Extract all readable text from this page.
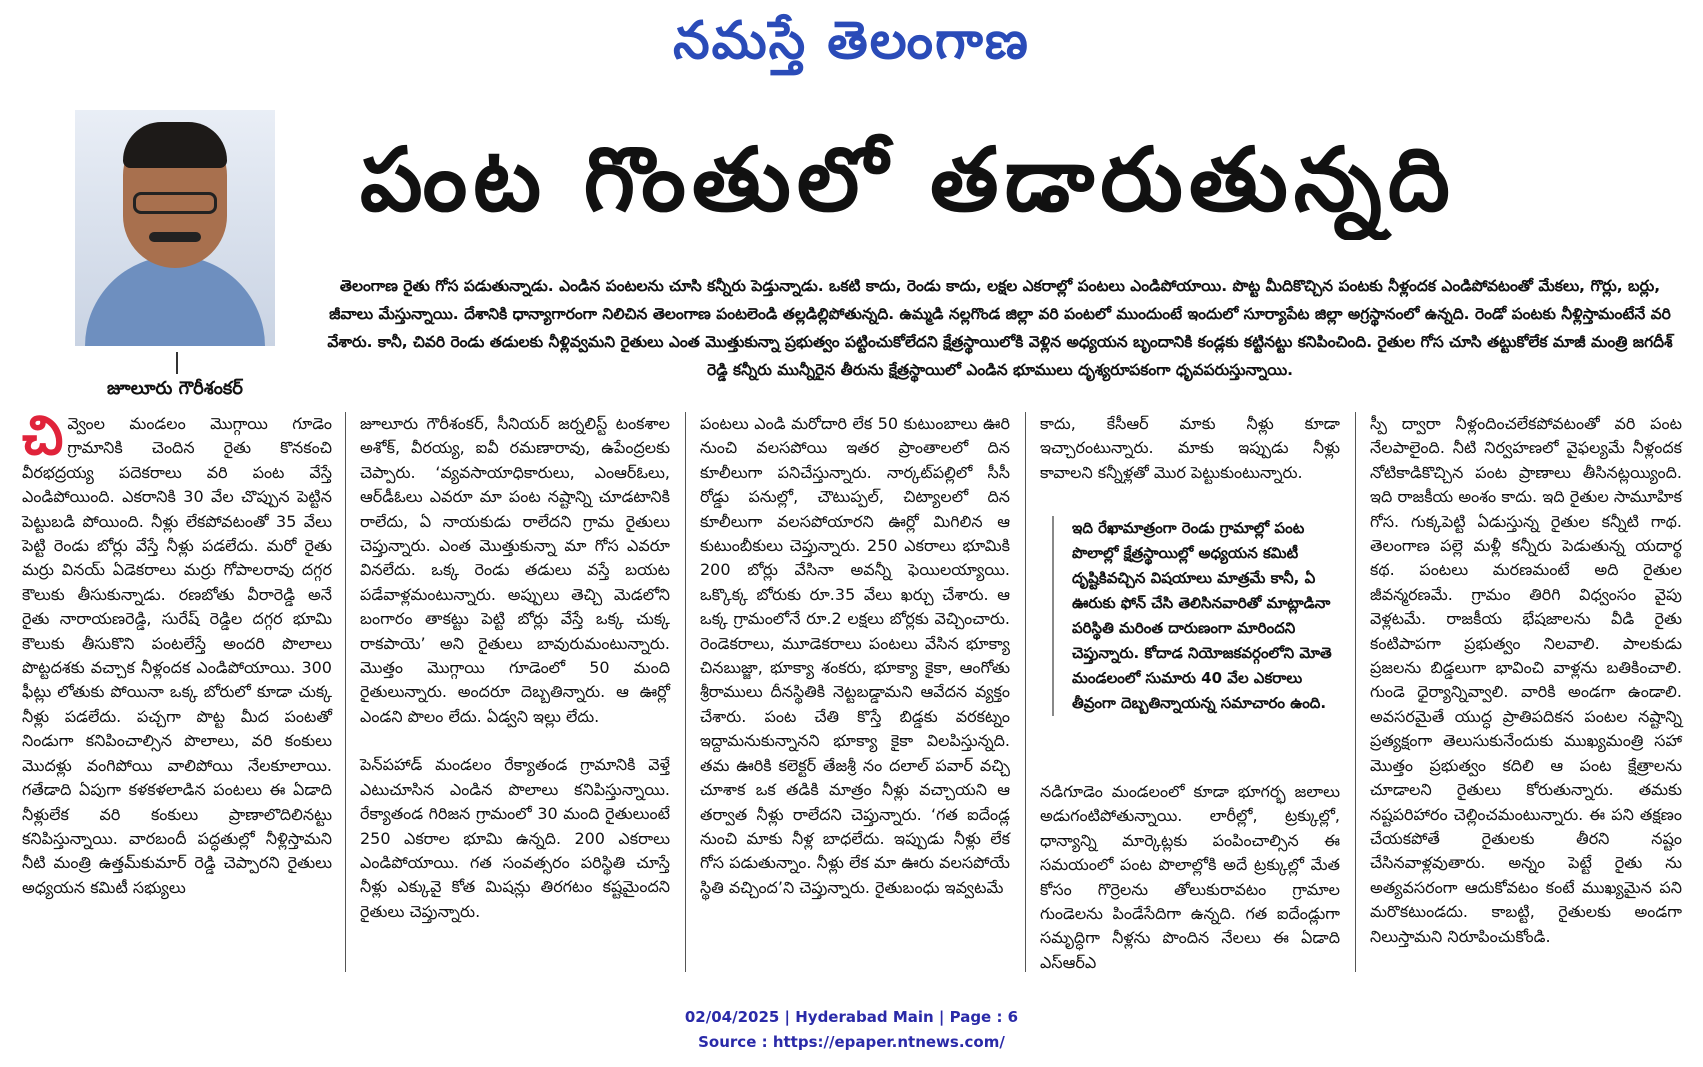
నమస్తే తెలంగాణ
జూలూరు గౌరీశంకర్
పంట గొంతులో తడారుతున్నది
తెలంగాణ రైతు గోస పడుతున్నాడు. ఎండిన పంటలను చూసి కన్నీరు పెడ్తున్నాడు. ఒకటి కాదు, రెండు కాదు, లక్షల ఎకరాల్లో పంటలు ఎండిపోయాయి. పొట్ట మీదికొచ్చిన పంటకు నీళ్లందక ఎండిపోవటంతో మేకలు, గొర్లు, బర్లు, జీవాలు మేస్తున్నాయి. దేశానికి ధాన్యాగారంగా నిలిచిన తెలంగాణ పంటలెండి తల్లడిల్లిపోతున్నది. ఉమ్మడి నల్లగొండ జిల్లా వరి పంటలో ముందుంటే ఇందులో సూర్యాపేట జిల్లా అగ్రస్థానంలో ఉన్నది. రెండో పంటకు నీళ్లిస్తామంటేనే వరి వేశారు. కానీ, చివరి రెండు తడులకు నీళ్లివ్వమని రైతులు ఎంత మొత్తుకున్నా ప్రభుత్వం పట్టించుకోలేదని క్షేత్రస్థాయిలోకి వెళ్లిన అధ్యయన బృందానికి కండ్లకు కట్టినట్టు కనిపించింది. రైతుల గోస చూసి తట్టుకోలేక మాజీ మంత్రి జగదీశ్ రెడ్డి కన్నీరు మున్నీరైన తీరును క్షేత్రస్థాయిలో ఎండిన భూములు దృశ్యరూపకంగా ధృవపరుస్తున్నాయి.

చివ్వెంల మండలం మొగ్గాయి గూడెం గ్రామానికి చెందిన రైతు కొనకంచి వీరభద్రయ్య పదెకరాలు వరి పంట వేస్తే ఎండిపోయింది. ఎకరానికి 30 వేల చొప్పున పెట్టిన పెట్టుబడి పోయింది. నీళ్లు లేకపోవటంతో 35 వేలు పెట్టి రెండు బోర్లు వేస్తే నీళ్లు పడలేదు. మరో రైతు మర్రు వినయ్ ఏడెకరాలు మర్రు గోపాలరావు దగ్గర కౌలుకు తీసుకున్నాడు. రణబోతు వీరారెడ్డి అనే రైతు నారాయణరెడ్డి, సురేష్ రెడ్డిల దగ్గర భూమి కౌలుకు తీసుకొని పంటలేస్తే అందరి పొలాలు పొట్టదశకు వచ్చాక నీళ్లందక ఎండిపోయాయి. 300 ఫీట్లు లోతుకు పోయినా ఒక్క బోరులో కూడా చుక్క నీళ్లు పడలేదు. పచ్చగా పొట్ట మీద పంటతో నిండుగా కనిపించాల్సిన పొలాలు, వరి కంకులు మొదళ్లు వంగిపోయి వాలిపోయి నేలకూలాయి. గతేడాది ఏపుగా కళకళలాడిన పంటలు ఈ ఏడాది నీళ్లులేక వరి కంకులు ప్రాణాలొదిలినట్టు కనిపిస్తున్నాయి. వారబందీ పద్ధతుల్లో నీళ్లిస్తామని నీటి మంత్రి ఉత్తమ్‌కుమార్ రెడ్డి చెప్పారని రైతులు అధ్యయన కమిటీ సభ్యులు

జూలూరు గౌరీశంకర్, సీనియర్ జర్నలిస్ట్ టంకశాల అశోక్, వీరయ్య, ఐవీ రమణారావు, ఉపేంద్రలకు చెప్పారు. ‘వ్యవసాయాధికారులు, ఎంఆర్‌ఓలు, ఆర్‌డీఓలు ఎవరూ మా పంట నష్టాన్ని చూడటానికి రాలేదు, ఏ నాయకుడు రాలేదని గ్రామ రైతులు చెప్తున్నారు. ఎంత మొత్తుకున్నా మా గోస ఎవరూ వినలేదు. ఒక్క రెండు తడులు వస్తే బయట పడేవాళ్లమంటున్నారు. అప్పులు తెచ్చి మెడలోని బంగారం తాకట్టు పెట్టి బోర్లు వేస్తే ఒక్క చుక్క రాకపాయె’ అని రైతులు బావురుమంటున్నారు. మొత్తం మొగ్గాయి గూడెంలో 50 మంది రైతులున్నారు. అందరూ దెబ్బతిన్నారు. ఆ ఊర్లో ఎండని పొలం లేదు. ఏడ్వని ఇల్లు లేదు.

పెన్‌పహాడ్ మండలం రేక్యాతండ గ్రామానికి వెళ్తే ఎటుచూసిన ఎండిన పొలాలు కనిపిస్తున్నాయి. రేక్యాతండ గిరిజన గ్రామంలో 30 మంది రైతులుంటే 250 ఎకరాల భూమి ఉన్నది. 200 ఎకరాలు ఎండిపోయాయి. గత సంవత్సరం పరిస్థితి చూస్తే నీళ్లు ఎక్కువై కోత మిషన్లు తిరగటం కష్టమైందని రైతులు చెప్తున్నారు.

పంటలు ఎండి మరోదారి లేక 50 కుటుంబాలు ఊరి నుంచి వలసపోయి ఇతర ప్రాంతాలలో దిన కూలీలుగా పనిచేస్తున్నారు. నార్కట్‌పల్లిలో సీసీ రోడ్డు పనుల్లో, చౌటుప్పల్, చిట్యాలలో దిన కూలీలుగా వలసపోయారని ఊర్లో మిగిలిన ఆ కుటుంబీకులు చెప్తున్నారు. 250 ఎకరాలు భూమికి 200 బోర్లు వేసినా అవన్నీ ఫెయిలయ్యాయి. ఒక్కొక్క బోరుకు రూ.35 వేలు ఖర్చు చేశారు. ఆ ఒక్క గ్రామంలోనే రూ.2 లక్షలు బోర్లకు వెచ్చించారు. రెండెకరాలు, మూడెకరాలు పంటలు వేసిన భూక్యా చినబుజ్జా, భూక్యా శంకరు, భూక్యా కైకా, ఆంగోతు శ్రీరాములు దీనస్థితికి నెట్టబడ్డామని ఆవేదన వ్యక్తం చేశారు. పంట చేతి కొస్తే బిడ్డకు వరకట్నం ఇద్దామనుకున్నానని భూక్యా కైకా విలపిస్తున్నది. తమ ఊరికి కలెక్టర్ తేజశ్రీ నం దలాల్ పవార్ వచ్చి చూశాక ఒక తడికి మాత్రం నీళ్లు వచ్చాయని ఆ తర్వాత నీళ్లు రాలేదని చెప్తున్నారు. ‘గత ఐదేండ్ల నుంచి మాకు నీళ్ల బాధలేదు. ఇప్పుడు నీళ్లు లేక గోస పడుతున్నాం. నీళ్లు లేక మా ఊరు వలసపోయే స్థితి వచ్చింద’ని చెప్తున్నారు. రైతుబంధు ఇవ్వటమే

కాదు, కేసీఆర్ మాకు నీళ్లు కూడా ఇచ్చారంటున్నారు. మాకు ఇప్పుడు నీళ్లు కావాలని కన్నీళ్లతో మొర పెట్టుకుంటున్నారు.

నడిగూడెం మండలంలో కూడా భూగర్భ జలాలు అడుగంటిపోతున్నాయి. లారీల్లో, ట్రక్కుల్లో, ధాన్యాన్ని మార్కెట్లకు పంపించాల్సిన ఈ సమయంలో పంట పొలాల్లోకి అదే ట్రక్కుల్లో మేత కోసం గొర్రెలను తోలుకురావటం గ్రామాల గుండెలను పిండేసేదిగా ఉన్నది. గత ఐదేండ్లుగా సమృద్ధిగా నీళ్లను పొందిన నేలలు ఈ ఏడాది ఎస్‌ఆర్‌ఎ

స్పీ ద్వారా నీళ్లందించలేకపోవటంతో వరి పంట నేలపాలైంది. నీటి నిర్వహణలో వైఫల్యమే నీళ్లందక నోటికాడికొచ్చిన పంట ప్రాణాలు తీసినట్లయ్యింది. ఇది రాజకీయ అంశం కాదు. ఇది రైతుల సామూహిక గోస. గుక్కపెట్టి ఏడుస్తున్న రైతుల కన్నీటి గాథ. తెలంగాణ పల్లె మళ్లీ కన్నీరు పెడుతున్న యదార్థ కథ. పంటలు మరణమంటే అది రైతుల జీవన్మరణమే. గ్రామం తిరిగి విధ్వంసం వైపు వెళ్లటమే. రాజకీయ భేషజాలను వీడి రైతు కంటిపాపగా ప్రభుత్వం నిలవాలి. పాలకుడు ప్రజలను బిడ్డలుగా భావించి వాళ్లను బతికించాలి. గుండె ధైర్యాన్నివ్వాలి. వారికి అండగా ఉండాలి. అవసరమైతే యుద్ధ ప్రాతిపదికన పంటల నష్టాన్ని ప్రత్యక్షంగా తెలుసుకునేందుకు ముఖ్యమంత్రి సహా మొత్తం ప్రభుత్వం కదిలి ఆ పంట క్షేత్రాలను చూడాలని రైతులు కోరుతున్నారు. తమకు నష్టపరిహారం చెల్లించమంటున్నారు. ఈ పని తక్షణం చేయకపోతే రైతులకు తీరని నష్టం చేసినవాళ్లవుతారు. అన్నం పెట్టే రైతు ను అత్యవసరంగా ఆదుకోవటం కంటే ముఖ్యమైన పని మరొకటుండదు. కాబట్టి, రైతులకు అండగా నిలుస్తామని నిరూపించుకోండి.

ఇది రేఖామాత్రంగా రెండు గ్రామాల్లో పంట పొలాల్లో క్షేత్రస్థాయిల్లో అధ్యయన కమిటీ దృష్టికివచ్చిన విషయాలు మాత్రమే కానీ, ఏ ఊరుకు ఫోన్ చేసి తెలిసినవారితో మాట్లాడినా పరిస్థితి మరింత దారుణంగా మారిందని చెప్తున్నారు. కోదాడ నియోజకవర్గంలోని మోతె మండలంలో సుమారు 40 వేల ఎకరాలు తీవ్రంగా దెబ్బతిన్నాయన్న సమాచారం ఉంది.
02/04/2025 | Hyderabad Main | Page : 6
Source : https://epaper.ntnews.com/
